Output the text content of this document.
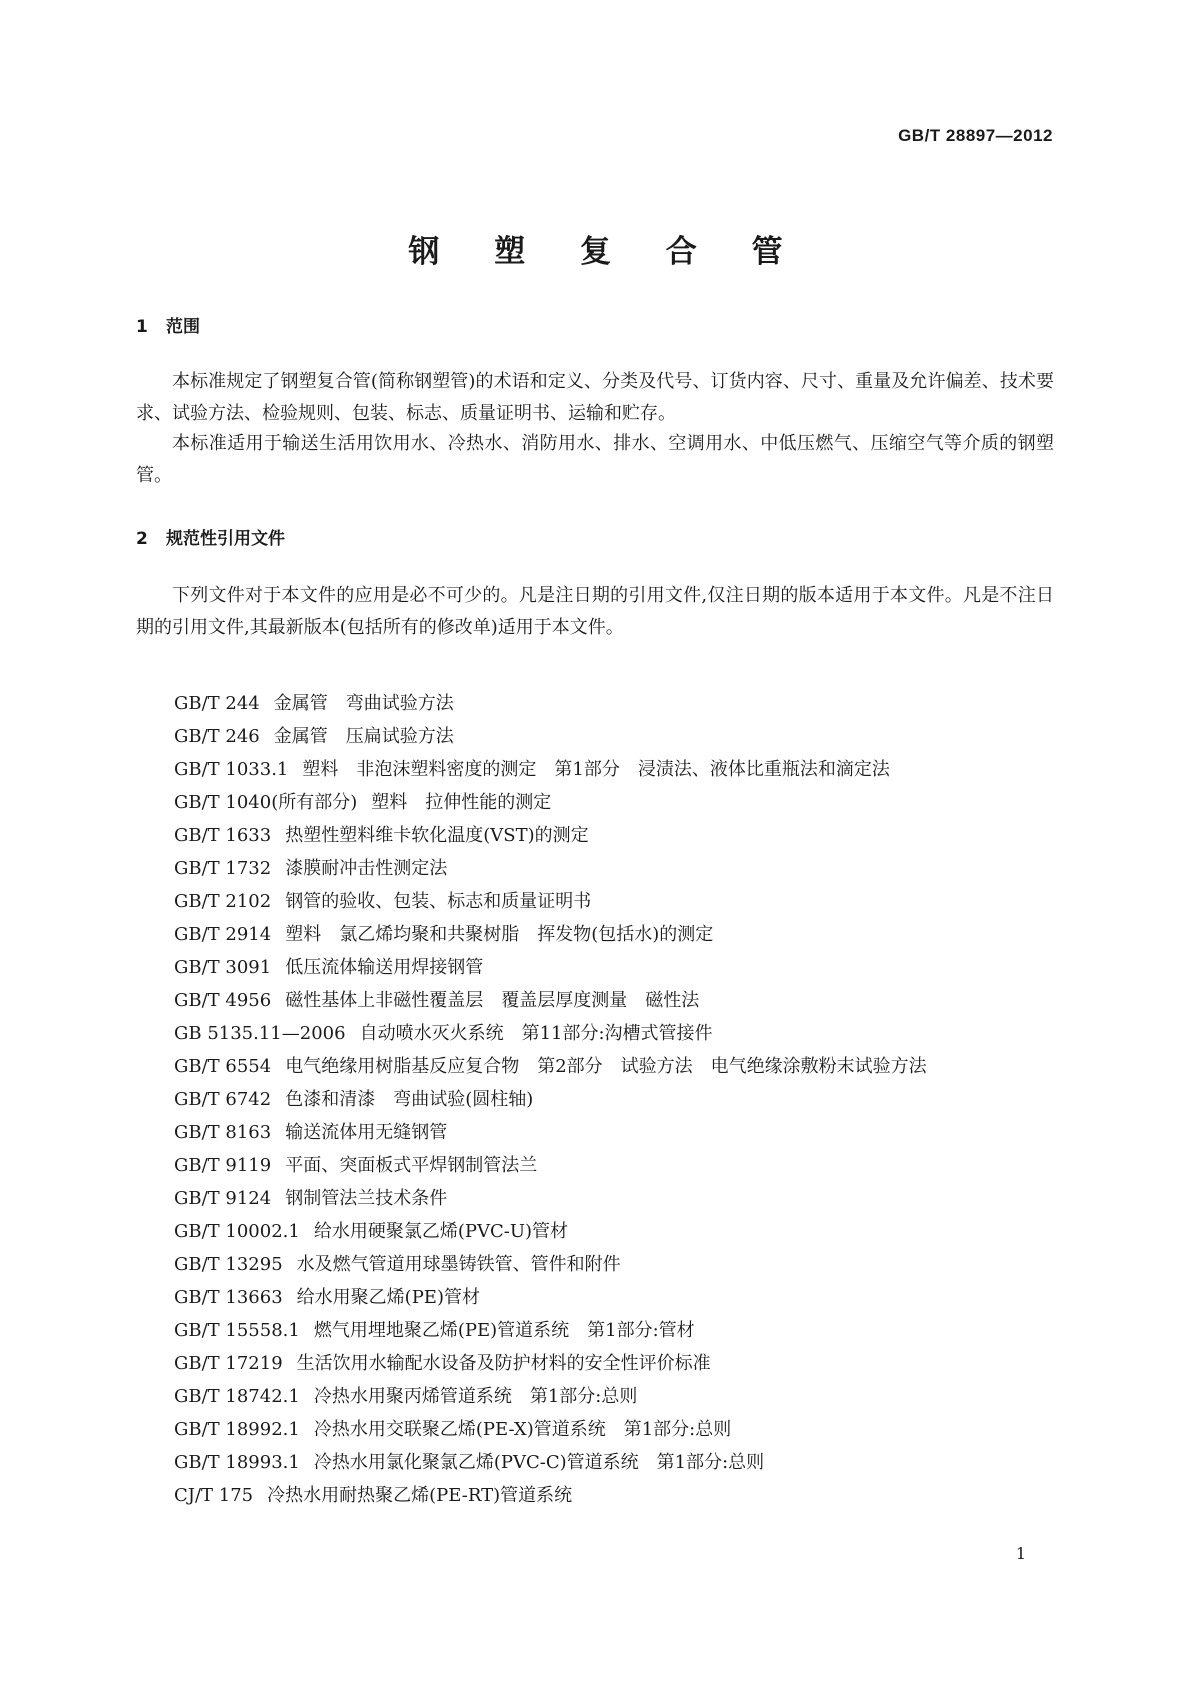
GB/T 28897—2012
钢 塑 复 合 管
1 范围
本标准规定了钢塑复合管(简称钢塑管)的术语和定义、分类及代号、订货内容、尺寸、重量及允许偏差、技术要求、试验方法、检验规则、包装、标志、质量证明书、运输和贮存。
本标准适用于输送生活用饮用水、冷热水、消防用水、排水、空调用水、中低压燃气、压缩空气等介质的钢塑管。
2 规范性引用文件
下列文件对于本文件的应用是必不可少的。凡是注日期的引用文件,仅注日期的版本适用于本文件。凡是不注日期的引用文件,其最新版本(包括所有的修改单)适用于本文件。
GB/T 244 金属管　弯曲试验方法
GB/T 246 金属管　压扁试验方法
GB/T 1033.1 塑料　非泡沫塑料密度的测定　第1部分　浸渍法、液体比重瓶法和滴定法
GB/T 1040(所有部分) 塑料　拉伸性能的测定
GB/T 1633 热塑性塑料维卡软化温度(VST)的测定
GB/T 1732 漆膜耐冲击性测定法
GB/T 2102 钢管的验收、包装、标志和质量证明书
GB/T 2914 塑料　氯乙烯均聚和共聚树脂　挥发物(包括水)的测定
GB/T 3091 低压流体输送用焊接钢管
GB/T 4956 磁性基体上非磁性覆盖层　覆盖层厚度测量　磁性法
GB 5135.11—2006 自动喷水灭火系统　第11部分:沟槽式管接件
GB/T 6554 电气绝缘用树脂基反应复合物　第2部分　试验方法　电气绝缘涂敷粉末试验方法
GB/T 6742 色漆和清漆　弯曲试验(圆柱轴)
GB/T 8163 输送流体用无缝钢管
GB/T 9119 平面、突面板式平焊钢制管法兰
GB/T 9124 钢制管法兰技术条件
GB/T 10002.1 给水用硬聚氯乙烯(PVC-U)管材
GB/T 13295 水及燃气管道用球墨铸铁管、管件和附件
GB/T 13663 给水用聚乙烯(PE)管材
GB/T 15558.1 燃气用埋地聚乙烯(PE)管道系统　第1部分:管材
GB/T 17219 生活饮用水输配水设备及防护材料的安全性评价标准
GB/T 18742.1 冷热水用聚丙烯管道系统　第1部分:总则
GB/T 18992.1 冷热水用交联聚乙烯(PE-X)管道系统　第1部分:总则
GB/T 18993.1 冷热水用氯化聚氯乙烯(PVC-C)管道系统　第1部分:总则
CJ/T 175 冷热水用耐热聚乙烯(PE-RT)管道系统
1
